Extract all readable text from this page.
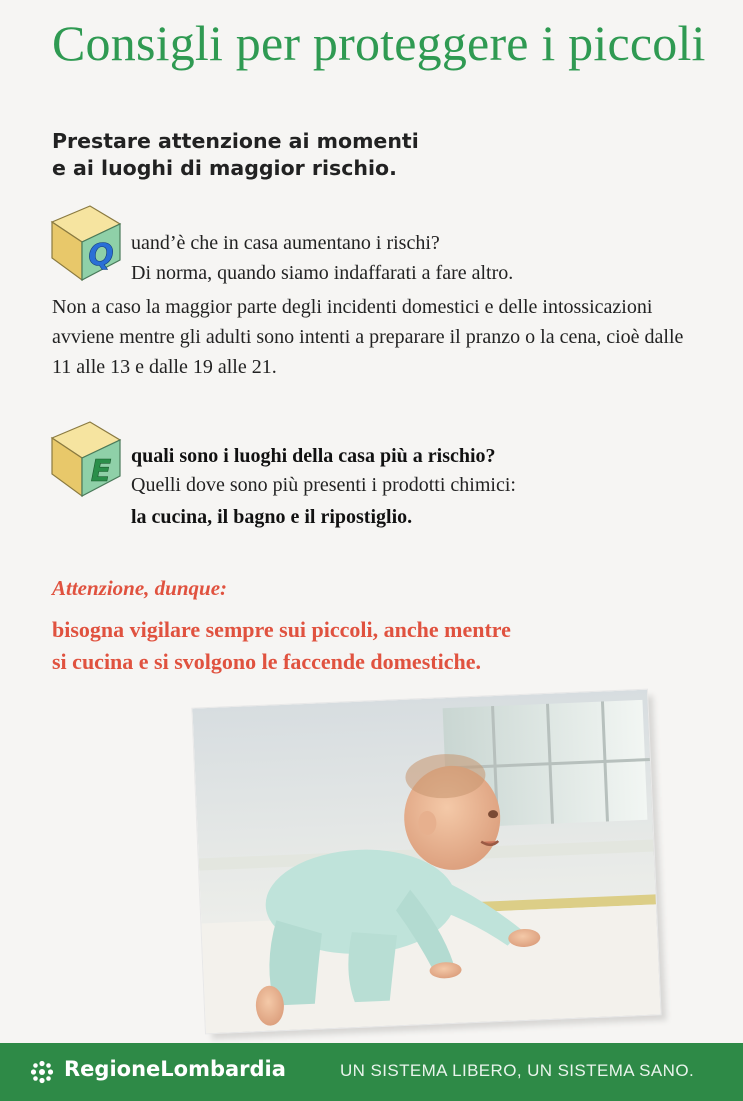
Consigli per proteggere i piccoli
Prestare attenzione ai momenti
e ai luoghi di maggior rischio.
Q uand’è che in casa aumentano i rischi?
Di norma, quando siamo indaffarati a fare altro.

Non a caso la maggior parte degli incidenti domestici e delle intossicazioni avviene mentre gli adulti sono intenti a preparare il pranzo o la cena, cioè dalle 11 alle 13 e dalle 19 alle 21.

E quali sono i luoghi della casa più a rischio?
Quelli dove sono più presenti i prodotti chimici:
la cucina, il bagno e il ripostiglio.
Attenzione, dunque:

bisogna vigilare sempre sui piccoli, anche mentre
si cucina e si svolgono le faccende domestiche.

RegioneLombardia	UN SISTEMA LIBERO, UN SISTEMA SANO.
